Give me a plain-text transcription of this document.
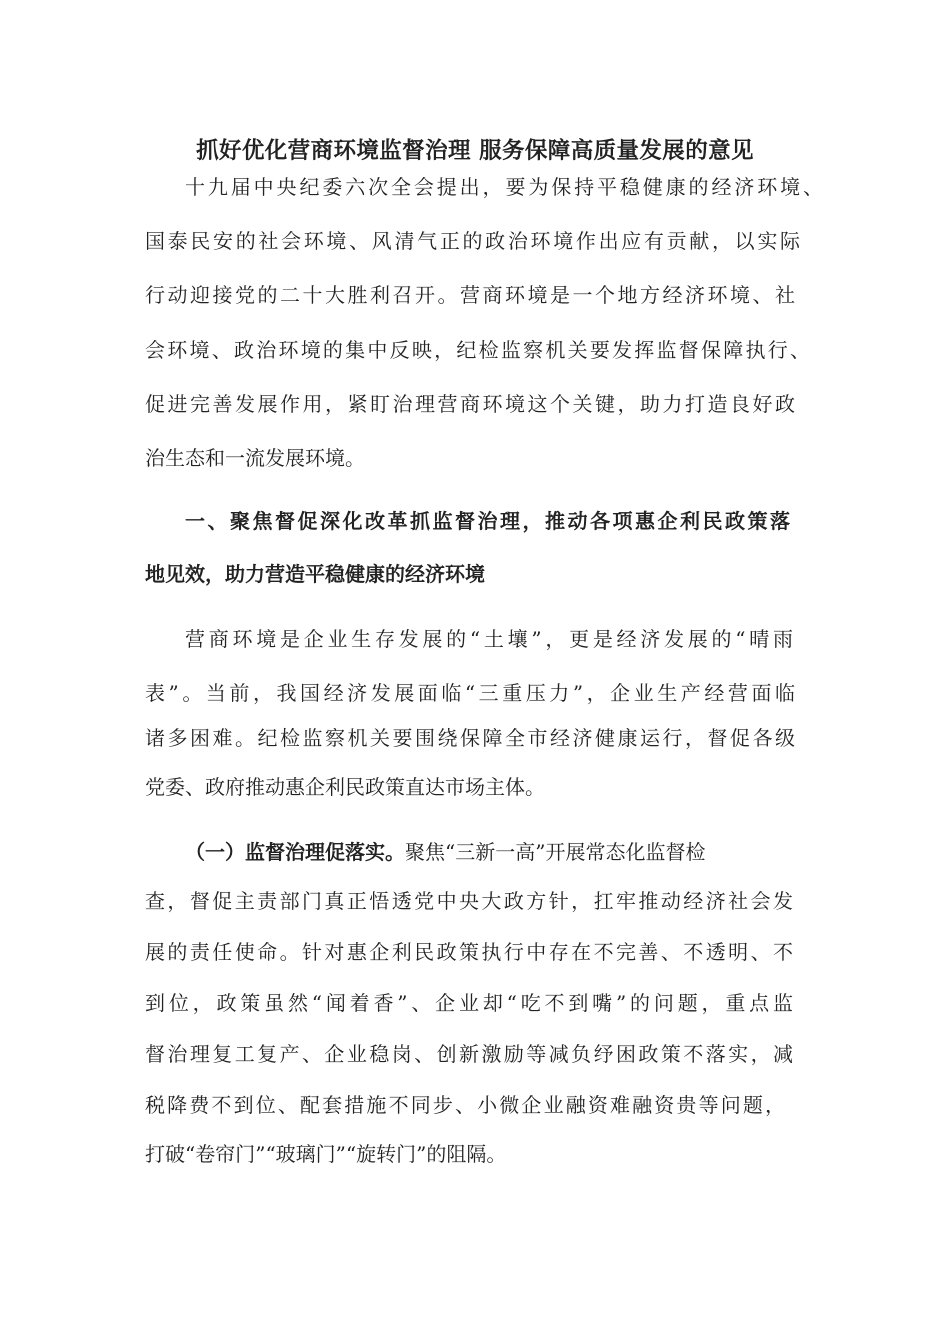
抓好优化营商环境监督治理 服务保障高质量发展的意见
十九届中央纪委六次全会提出，要为保持平稳健康的经济环境、
国泰民安的社会环境、风清气正的政治环境作出应有贡献，以实际
行动迎接党的二十大胜利召开。营商环境是一个地方经济环境、社
会环境、政治环境的集中反映，纪检监察机关要发挥监督保障执行、
促进完善发展作用，紧盯治理营商环境这个关键，助力打造良好政
治生态和一流发展环境。
一、聚焦督促深化改革抓监督治理，推动各项惠企利民政策落
地见效，助力营造平稳健康的经济环境
营商环境是企业生存发展的“土壤”，更是经济发展的“晴雨
表”。当前，我国经济发展面临“三重压力”，企业生产经营面临
诸多困难。纪检监察机关要围绕保障全市经济健康运行，督促各级
党委、政府推动惠企利民政策直达市场主体。
（一）监督治理促落实。聚焦“三新一高”开展常态化监督检
查，督促主责部门真正悟透党中央大政方针，扛牢推动经济社会发
展的责任使命。针对惠企利民政策执行中存在不完善、不透明、不
到位，政策虽然“闻着香”、企业却“吃不到嘴”的问题，重点监
督治理复工复产、企业稳岗、创新激励等减负纾困政策不落实，减
税降费不到位、配套措施不同步、小微企业融资难融资贵等问题，
打破“卷帘门”“玻璃门”“旋转门”的阻隔。
